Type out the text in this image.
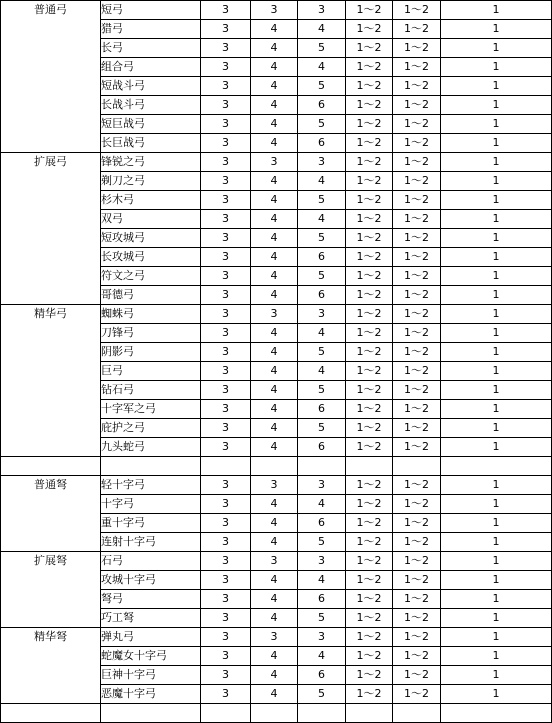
普通弓	短弓	3	3	3	1～2	1～2	1
	猎弓	3	4	4	1～2	1～2	1
	长弓	3	4	5	1～2	1～2	1
	组合弓	3	4	4	1～2	1～2	1
	短战斗弓	3	4	5	1～2	1～2	1
	长战斗弓	3	4	6	1～2	1～2	1
	短巨战弓	3	4	5	1～2	1～2	1
	长巨战弓	3	4	6	1～2	1～2	1
扩展弓	锋锐之弓	3	3	3	1～2	1～2	1
	剃刀之弓	3	4	4	1～2	1～2	1
	杉木弓	3	4	5	1～2	1～2	1
	双弓	3	4	4	1～2	1～2	1
	短攻城弓	3	4	5	1～2	1～2	1
	长攻城弓	3	4	6	1～2	1～2	1
	符文之弓	3	4	5	1～2	1～2	1
	哥德弓	3	4	6	1～2	1～2	1
精华弓	蜘蛛弓	3	3	3	1～2	1～2	1
	刀锋弓	3	4	4	1～2	1～2	1
	阴影弓	3	4	5	1～2	1～2	1
	巨弓	3	4	4	1～2	1～2	1
	钻石弓	3	4	5	1～2	1～2	1
	十字军之弓	3	4	6	1～2	1～2	1
	庇护之弓	3	4	5	1～2	1～2	1
	九头蛇弓	3	4	6	1～2	1～2	1

普通弩	轻十字弓	3	3	3	1～2	1～2	1
	十字弓	3	4	4	1～2	1～2	1
	重十字弓	3	4	6	1～2	1～2	1
	连射十字弓	3	4	5	1～2	1～2	1
扩展弩	石弓	3	3	3	1～2	1～2	1
	攻城十字弓	3	4	4	1～2	1～2	1
	弩弓	3	4	6	1～2	1～2	1
	巧工弩	3	4	5	1～2	1～2	1
精华弩	弹丸弓	3	3	3	1～2	1～2	1
	蛇魔女十字弓	3	4	4	1～2	1～2	1
	巨神十字弓	3	4	6	1～2	1～2	1
	恶魔十字弓	3	4	5	1～2	1～2	1
